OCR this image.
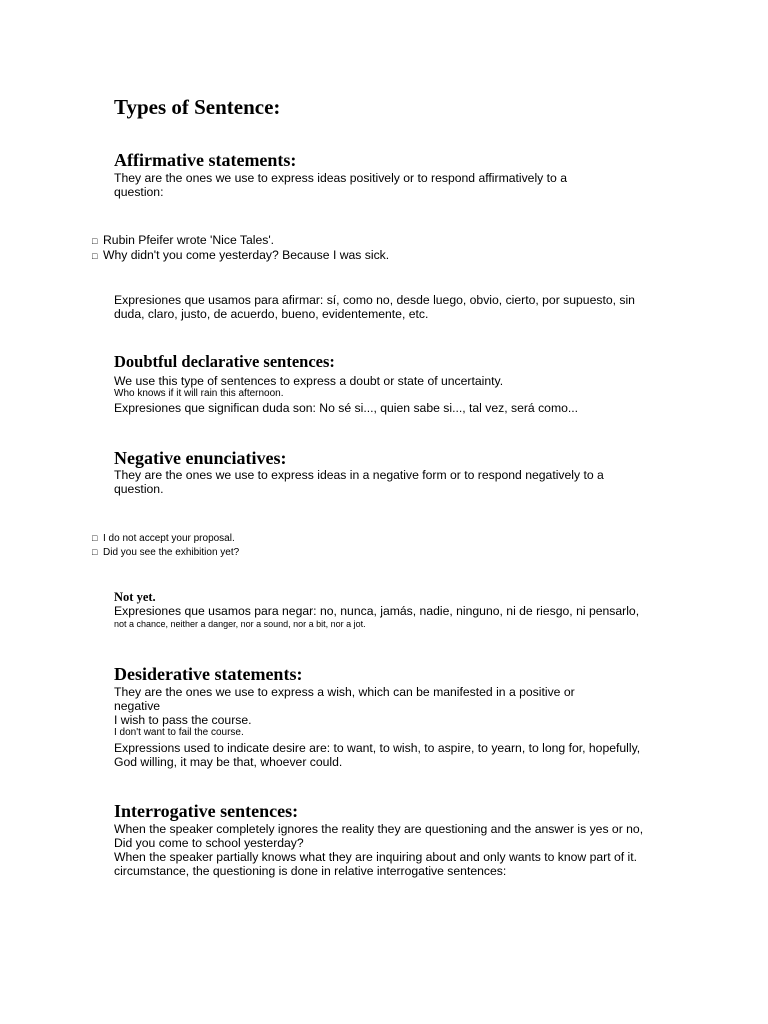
Types of Sentence:
Affirmative statements:
They are the ones we use to express ideas positively or to respond affirmatively to a
question:
□ Rubin Pfeifer wrote 'Nice Tales'.
□ Why didn't you come yesterday? Because I was sick.
Expresiones que usamos para afirmar: sí, como no, desde luego, obvio, cierto, por supuesto, sin
duda, claro, justo, de acuerdo, bueno, evidentemente, etc.
Doubtful declarative sentences:
We use this type of sentences to express a doubt or state of uncertainty.
Who knows if it will rain this afternoon.
Expresiones que significan duda son: No sé si..., quien sabe si..., tal vez, será como...
Negative enunciatives:
They are the ones we use to express ideas in a negative form or to respond negatively to a
question.
□ I do not accept your proposal.
□ Did you see the exhibition yet?
Not yet.
Expresiones que usamos para negar: no, nunca, jamás, nadie, ninguno, ni de riesgo, ni pensarlo,
not a chance, neither a danger, nor a sound, nor a bit, nor a jot.
Desiderative statements:
They are the ones we use to express a wish, which can be manifested in a positive or
negative
I wish to pass the course.
I don't want to fail the course.
Expressions used to indicate desire are: to want, to wish, to aspire, to yearn, to long for, hopefully,
God willing, it may be that, whoever could.
Interrogative sentences:
When the speaker completely ignores the reality they are questioning and the answer is yes or no,
Did you come to school yesterday?
When the speaker partially knows what they are inquiring about and only wants to know part of it.
circumstance, the questioning is done in relative interrogative sentences:
